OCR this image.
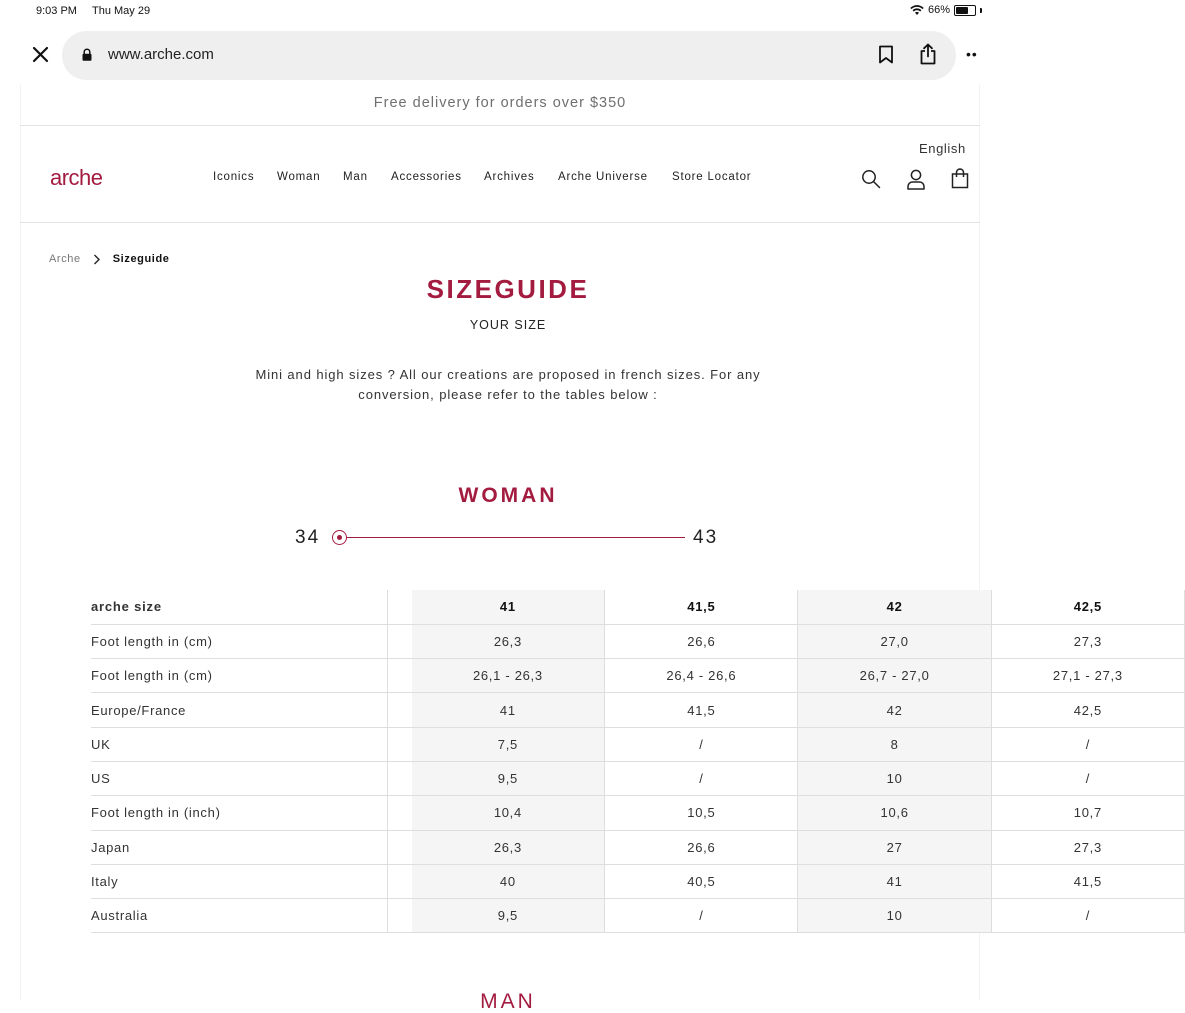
9:03 PM Thu May 29	66%
www.arche.com	••
Free delivery for orders over $350
arche	Iconics	Woman	Man	Accessories	Archives	Arche Universe	Store Locator
English
Arche	Sizeguide
SIZEGUIDE
YOUR SIZE

Mini and high sizes ? All our creations are proposed in french sizes. For any
conversion, please refer to the tables below :

WOMAN
34	43
arche size		41	41,5	42	42,5
Foot length in (cm)		26,3	26,6	27,0	27,3
Foot length in (cm)		26,1 - 26,3	26,4 - 26,6	26,7 - 27,0	27,1 - 27,3
Europe/France		41	41,5	42	42,5
UK		7,5	/	8	/
US		9,5	/	10	/
Foot length in (inch)		10,4	10,5	10,6	10,7
Japan		26,3	26,6	27	27,3
Italy		40	40,5	41	41,5
Australia		9,5	/	10	/
MAN
